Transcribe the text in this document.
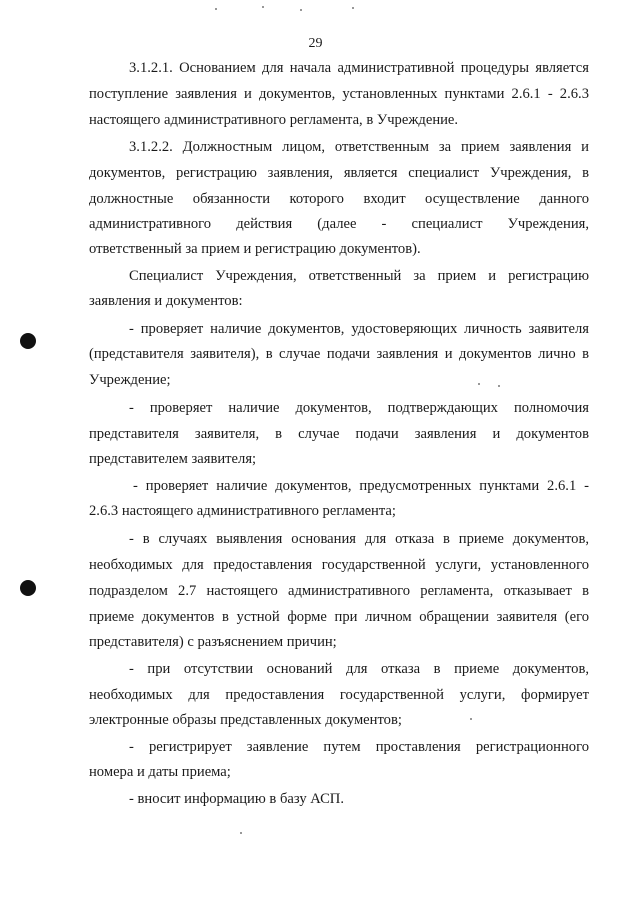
29
3.1.2.1. Основанием для начала административной процедуры является
поступление заявления и документов, установленных пунктами 2.6.1 - 2.6.3
настоящего административного регламента, в Учреждение.
3.1.2.2. Должностным лицом, ответственным за прием заявления и
документов, регистрацию заявления, является специалист Учреждения, в
должностные обязанности которого входит осуществление данного
административного действия (далее - специалист Учреждения,
ответственный за прием и регистрацию документов).
Специалист Учреждения, ответственный за прием и регистрацию
заявления и документов:
- проверяет наличие документов, удостоверяющих личность заявителя
(представителя заявителя), в случае подачи заявления и документов лично в
Учреждение;
- проверяет наличие документов, подтверждающих полномочия
представителя заявителя, в случае подачи заявления и документов
представителем заявителя;
- проверяет наличие документов, предусмотренных пунктами 2.6.1 -
2.6.3 настоящего административного регламента;
- в случаях выявления основания для отказа в приеме документов,
необходимых для предоставления государственной услуги, установленного
подразделом 2.7 настоящего административного регламента, отказывает в
приеме документов в устной форме при личном обращении заявителя (его
представителя) с разъяснением причин;
- при отсутствии оснований для отказа в приеме документов,
необходимых для предоставления государственной услуги, формирует
электронные образы представленных документов;
- регистрирует заявление путем проставления регистрационного
номера и даты приема;
- вносит информацию в базу АСП.
